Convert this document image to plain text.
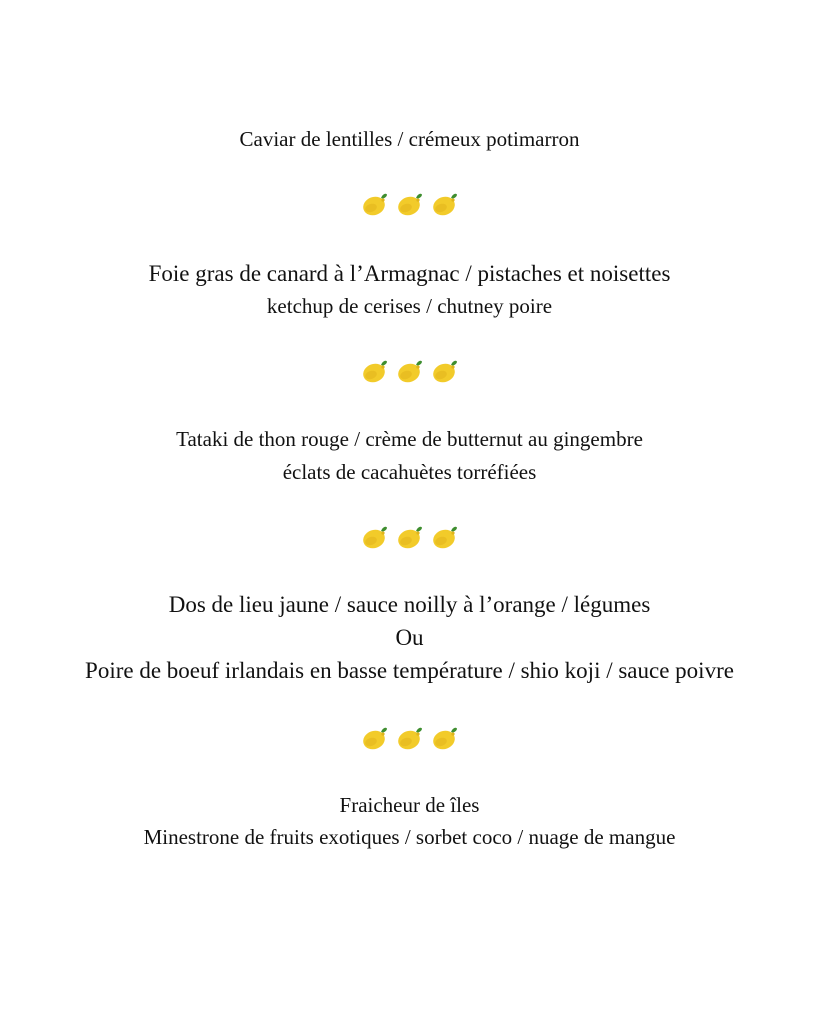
Caviar de lentilles / crémeux potimarron
Foie gras de canard à l’Armagnac / pistaches et noisettes
ketchup de cerises / chutney poire
Tataki de thon rouge / crème de butternut au gingembre
éclats de cacahuètes torréfiées
Dos de lieu jaune / sauce noilly à l’orange / légumes
Ou
Poire de boeuf irlandais en basse température / shio koji / sauce poivre
Fraicheur de îles
Minestrone de fruits exotiques / sorbet coco / nuage de mangue
